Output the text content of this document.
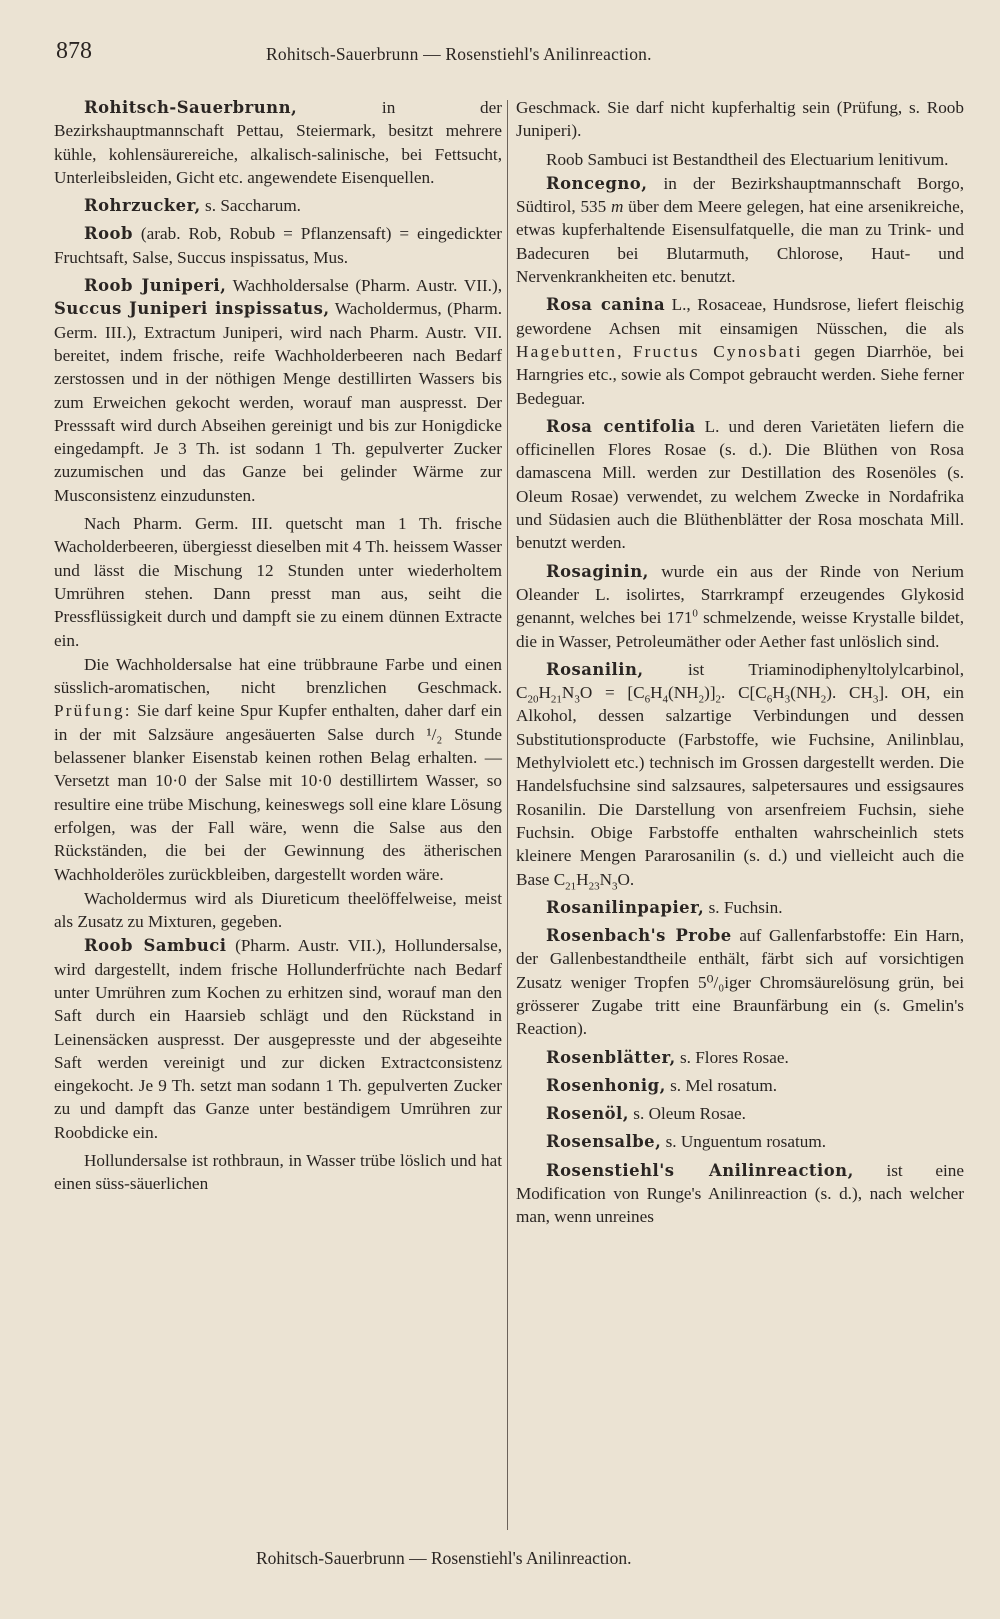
878	Rohitsch-Sauerbrunn — Rosenstiehl's Anilinreaction.

Rohitsch-Sauerbrunn, in der Bezirkshauptmannschaft Pettau, Steiermark, besitzt mehrere kühle, kohlensäurereiche, alkalisch-salinische, bei Fettsucht, Unterleibsleiden, Gicht etc. angewendete Eisenquellen.

Rohrzucker, s. Saccharum.

Roob (arab. Rob, Robub = Pflanzensaft) = eingedickter Fruchtsaft, Salse, Succus inspissatus, Mus.

Roob Juniperi, Wachholdersalse (Pharm. Austr. VII.), Succus Juniperi inspissatus, Wacholdermus, (Pharm. Germ. III.), Extractum Juniperi, wird nach Pharm. Austr. VII. bereitet, indem frische, reife Wachholderbeeren nach Bedarf zerstossen und in der nöthigen Menge destillirten Wassers bis zum Erweichen gekocht werden, worauf man auspresst. Der Presssaft wird durch Abseihen gereinigt und bis zur Honigdicke eingedampft. Je 3 Th. ist sodann 1 Th. gepulverter Zucker zuzumischen und das Ganze bei gelinder Wärme zur Musconsistenz einzudunsten.

Nach Pharm. Germ. III. quetscht man 1 Th. frische Wacholderbeeren, übergiesst dieselben mit 4 Th. heissem Wasser und lässt die Mischung 12 Stunden unter wiederholtem Umrühren stehen. Dann presst man aus, seiht die Pressflüssigkeit durch und dampft sie zu einem dünnen Extracte ein.

Die Wachholdersalse hat eine trübbraune Farbe und einen süsslich-aromatischen, nicht brenzlichen Geschmack. Prüfung: Sie darf keine Spur Kupfer enthalten, daher darf ein in der mit Salzsäure angesäuerten Salse durch ¹/₂ Stunde belassener blanker Eisenstab keinen rothen Belag erhalten. — Versetzt man 10·0 der Salse mit 10·0 destillirtem Wasser, so resultire eine trübe Mischung, keineswegs soll eine klare Lösung erfolgen, was der Fall wäre, wenn die Salse aus den Rückständen, die bei der Gewinnung des ätherischen Wachholderöles zurückbleiben, dargestellt worden wäre.

Wacholdermus wird als Diureticum theelöffelweise, meist als Zusatz zu Mixturen, gegeben.

Roob Sambuci (Pharm. Austr. VII.), Hollundersalse, wird dargestellt, indem frische Hollunderfrüchte nach Bedarf unter Umrühren zum Kochen zu erhitzen sind, worauf man den Saft durch ein Haarsieb schlägt und den Rückstand in Leinensäcken auspresst. Der ausgepresste und der abgeseihte Saft werden vereinigt und zur dicken Extractconsistenz eingekocht. Je 9 Th. setzt man sodann 1 Th. gepulverten Zucker zu und dampft das Ganze unter beständigem Umrühren zur Roobdicke ein.

Hollundersalse ist rothbraun, in Wasser trübe löslich und hat einen süss-säuerlichen

Geschmack. Sie darf nicht kupferhaltig sein (Prüfung, s. Roob Juniperi).

Roob Sambuci ist Bestandtheil des Electuarium lenitivum.

Roncegno, in der Bezirkshauptmannschaft Borgo, Südtirol, 535 m über dem Meere gelegen, hat eine arsenikreiche, etwas kupferhaltende Eisensulfatquelle, die man zu Trink- und Badecuren bei Blutarmuth, Chlorose, Haut- und Nervenkrankheiten etc. benutzt.

Rosa canina L., Rosaceae, Hundsrose, liefert fleischig gewordene Achsen mit einsamigen Nüsschen, die als Hagebutten, Fructus Cynosbati gegen Diarrhöe, bei Harngries etc., sowie als Compot gebraucht werden. Siehe ferner Bedeguar.

Rosa centifolia L. und deren Varietäten liefern die officinellen Flores Rosae (s. d.). Die Blüthen von Rosa damascena Mill. werden zur Destillation des Rosenöles (s. Oleum Rosae) verwendet, zu welchem Zwecke in Nordafrika und Südasien auch die Blüthenblätter der Rosa moschata Mill. benutzt werden.

Rosaginin, wurde ein aus der Rinde von Nerium Oleander L. isolirtes, Starrkrampf erzeugendes Glykosid genannt, welches bei $171^0$ schmelzende, weisse Krystalle bildet, die in Wasser, Petroleumäther oder Aether fast unlöslich sind.

Rosanilin, ist Triaminodiphenyltolylcarbinol, $C_{20}H_{21}N_3O = [C_6H_4(NH_2)]_2$. $C[C_6H_3(NH_2)$. $CH_3$]. OH, ein Alkohol, dessen salzartige Verbindungen und dessen Substitutionsproducte (Farbstoffe, wie Fuchsine, Anilinblau, Methylviolett etc.) technisch im Grossen dargestellt werden. Die Handelsfuchsine sind salzsaures, salpetersaures und essigsaures Rosanilin. Die Darstellung von arsenfreiem Fuchsin, siehe Fuchsin. Obige Farbstoffe enthalten wahrscheinlich stets kleinere Mengen Pararosanilin (s. d.) und vielleicht auch die Base $C_{21}H_{23}N_3O$.

Rosanilinpapier, s. Fuchsin.

Rosenbach's Probe auf Gallenfarbstoffe: Ein Harn, der Gallenbestandtheile enthält, färbt sich auf vorsichtigen Zusatz weniger Tropfen 5⁰/₀iger Chromsäurelösung grün, bei grösserer Zugabe tritt eine Braunfärbung ein (s. Gmelin's Reaction).

Rosenblätter, s. Flores Rosae.

Rosenhonig, s. Mel rosatum.

Rosenöl, s. Oleum Rosae.

Rosensalbe, s. Unguentum rosatum.

Rosenstiehl's Anilinreaction, ist eine Modification von Runge's Anilinreaction (s. d.), nach welcher man, wenn unreines

Rohitsch-Sauerbrunn — Rosenstiehl's Anilinreaction.
